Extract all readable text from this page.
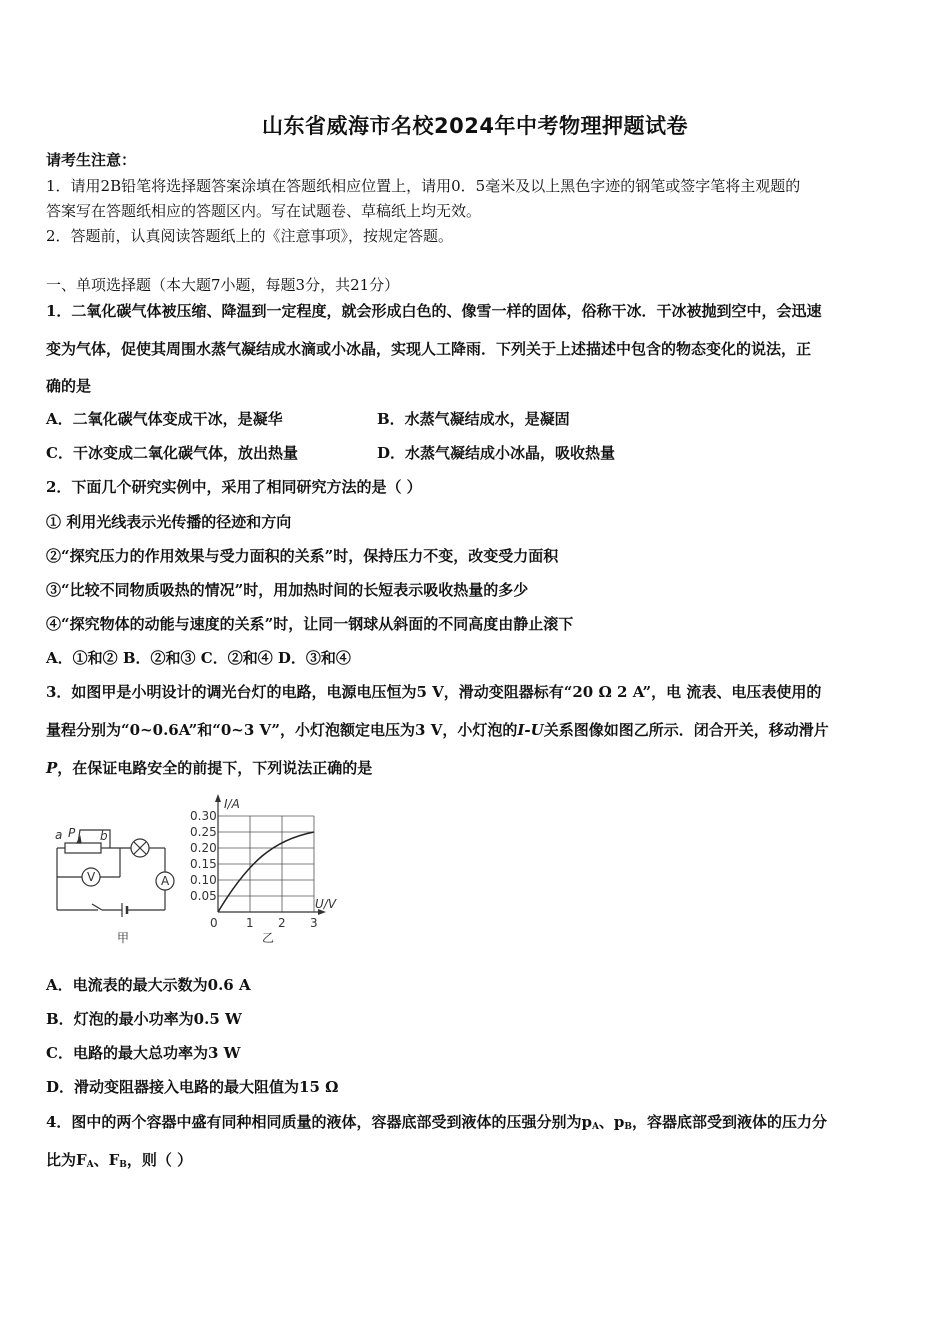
山东省威海市名校2024年中考物理押题试卷
请考生注意：
1．请用2B铅笔将选择题答案涂填在答题纸相应位置上，请用0．5毫米及以上黑色字迹的钢笔或签字笔将主观题的
答案写在答题纸相应的答题区内。写在试题卷、草稿纸上均无效。
2．答题前，认真阅读答题纸上的《注意事项》，按规定答题。
一、单项选择题（本大题7小题，每题3分，共21分）
1．二氧化碳气体被压缩、降温到一定程度，就会形成白色的、像雪一样的固体，俗称干冰．干冰被抛到空中，会迅速
变为气体，促使其周围水蒸气凝结成水滴或小冰晶，实现人工降雨．下列关于上述描述中包含的物态变化的说法，正
确的是
A．二氧化碳气体变成干冰，是凝华	B．水蒸气凝结成水，是凝固
C．干冰变成二氧化碳气体，放出热量	D．水蒸气凝结成小冰晶，吸收热量
2．下面几个研究实例中，采用了相同研究方法的是（ ）
① 利用光线表示光传播的径迹和方向
②“探究压力的作用效果与受力面积的关系”时，保持压力不变，改变受力面积
③“比较不同物质吸热的情况”时，用加热时间的长短表示吸收热量的多少
④“探究物体的动能与速度的关系”时，让同一钢球从斜面的不同高度由静止滚下
A．①和② B．②和③ C．②和④ D．③和④
3．如图甲是小明设计的调光台灯的电路，电源电压恒为5 V，滑动变阻器标有“20 Ω 2 A”，电 流表、电压表使用的
量程分别为“0~0.6A”和“0~3 V”，小灯泡额定电压为3 V，小灯泡的I-U关系图像如图乙所示．闭合开关，移动滑片
P，在保证电路安全的前提下，下列说法正确的是
a P b
V	A
甲
I/A
U/V
0
0.30
0.25
0.20
0.15
0.10
0.05
1 2 3
乙
A．电流表的最大示数为0.6 A
B．灯泡的最小功率为0.5 W
C．电路的最大总功率为3 W
D．滑动变阻器接入电路的最大阻值为15 Ω
4．图中的两个容器中盛有同种相同质量的液体，容器底部受到液体的压强分别为$p_A$、$p_B$，容器底部受到液体的压力分
比为$F_A$、$F_B$，则（ ）
